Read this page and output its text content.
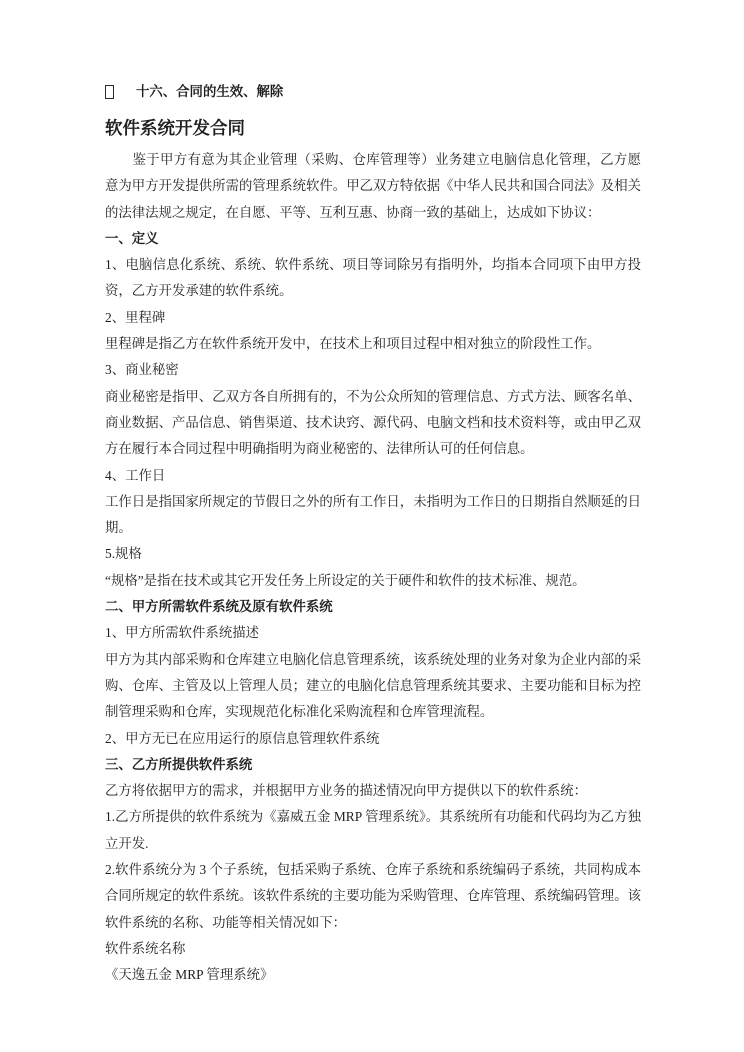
十六、合同的生效、解除

软件系统开发合同

鉴于甲方有意为其企业管理（采购、仓库管理等）业务建立电脑信息化管理，乙方愿意为甲方开发提供所需的管理系统软件。甲乙双方特依据《中华人民共和国合同法》及相关的法律法规之规定，在自愿、平等、互利互惠、协商一致的基础上，达成如下协议：

一、定义

1、电脑信息化系统、系统、软件系统、项目等词除另有指明外，均指本合同项下由甲方投资，乙方开发承建的软件系统。

2、里程碑

里程碑是指乙方在软件系统开发中，在技术上和项目过程中相对独立的阶段性工作。

3、商业秘密

商业秘密是指甲、乙双方各自所拥有的，不为公众所知的管理信息、方式方法、顾客名单、商业数据、产品信息、销售渠道、技术诀窍、源代码、电脑文档和技术资料等，或由甲乙双方在履行本合同过程中明确指明为商业秘密的、法律所认可的任何信息。

4、工作日

工作日是指国家所规定的节假日之外的所有工作日，未指明为工作日的日期指自然顺延的日期。

5.规格

“规格”是指在技术或其它开发任务上所设定的关于硬件和软件的技术标准、规范。

二、甲方所需软件系统及原有软件系统

1、甲方所需软件系统描述

甲方为其内部采购和仓库建立电脑化信息管理系统，该系统处理的业务对象为企业内部的采购、仓库、主管及以上管理人员；建立的电脑化信息管理系统其要求、主要功能和目标为控制管理采购和仓库，实现规范化标准化采购流程和仓库管理流程。

2、甲方无已在应用运行的原信息管理软件系统

三、乙方所提供软件系统

乙方将依据甲方的需求，并根据甲方业务的描述情况向甲方提供以下的软件系统：

1.乙方所提供的软件系统为《嘉威五金 MRP 管理系统》。其系统所有功能和代码均为乙方独立开发.

2.软件系统分为 3 个子系统，包括采购子系统、仓库子系统和系统编码子系统，共同构成本合同所规定的软件系统。该软件系统的主要功能为采购管理、仓库管理、系统编码管理。该软件系统的名称、功能等相关情况如下：

软件系统名称

《天逸五金 MRP 管理系统》
